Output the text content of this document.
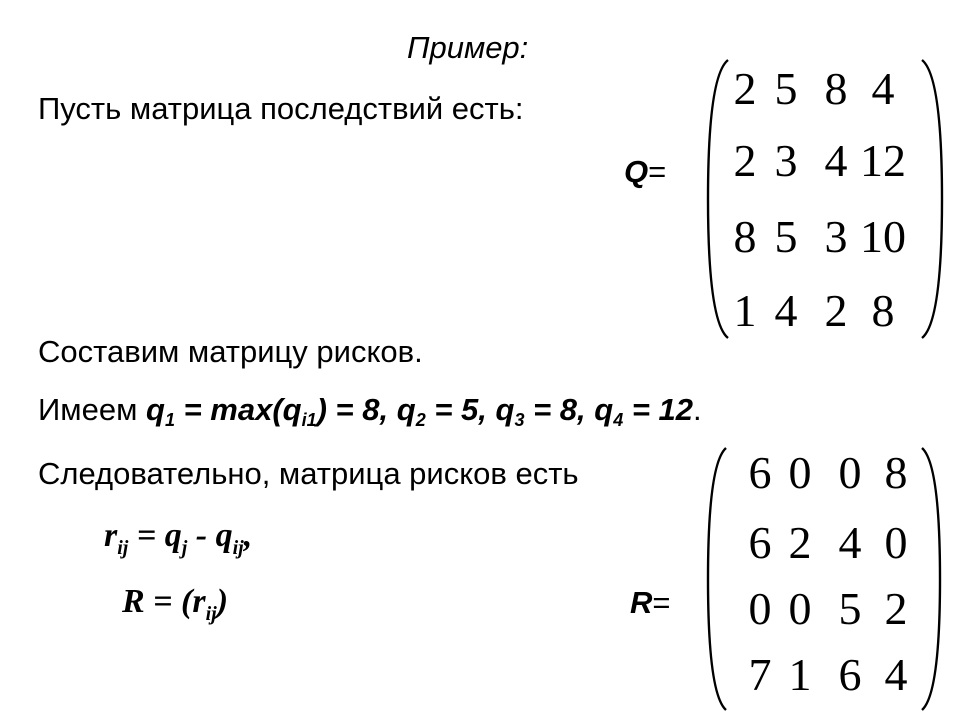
Пример:
Пусть матрица последствий есть:
Q=
2 5 8 4
2 3 4 12
8 5 3 10
1 4 2 8
Составим матрицу рисков.
Имеем $q_1 = \max(q_{i1}) = 8$, $q_2 = 5$, $q_3 = 8$, $q_4 = 12$.
Следовательно, матрица рисков есть
$r_{ij} = q_j - q_{ij}$,
$R = (r_{ij})$	R=
6 0 0 8
6 2 4 0
0 0 5 2
7 1 6 4
